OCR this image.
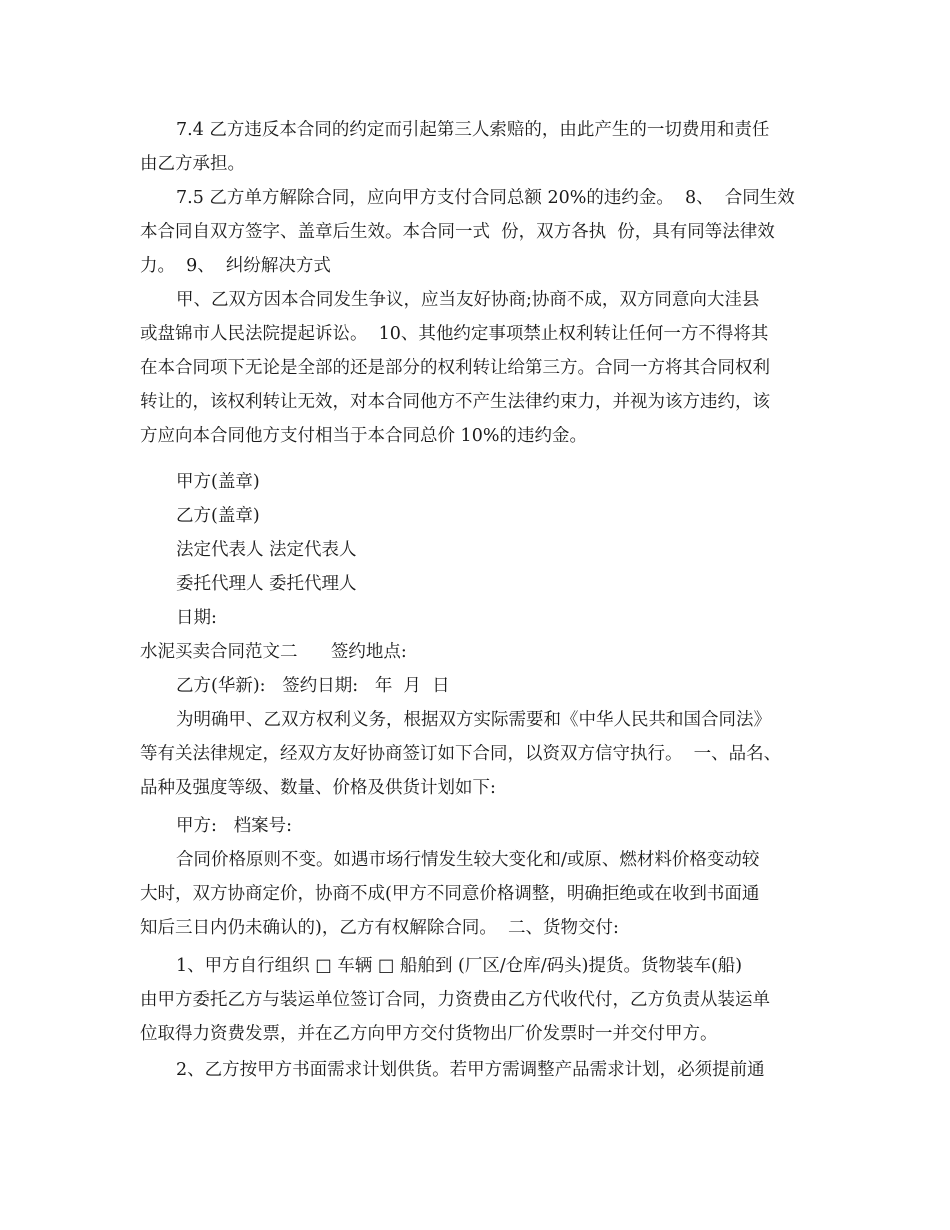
7.4 乙方违反本合同的约定而引起第三人索赔的，由此产生的一切费用和责任
由乙方承担。
7.5 乙方单方解除合同，应向甲方支付合同总额 20%的违约金。  8、  合同生效
本合同自双方签字、盖章后生效。本合同一式  份，双方各执  份，具有同等法律效
力。  9、  纠纷解决方式
甲、乙双方因本合同发生争议，应当友好协商;协商不成，双方同意向大洼县
或盘锦市人民法院提起诉讼。  10、其他约定事项禁止权利转让任何一方不得将其
在本合同项下无论是全部的还是部分的权利转让给第三方。合同一方将其合同权利
转让的，该权利转让无效，对本合同他方不产生法律约束力，并视为该方违约，该
方应向本合同他方支付相当于本合同总价 10%的违约金。
甲方(盖章)
乙方(盖章)
法定代表人 法定代表人
委托代理人 委托代理人
日期:
水泥买卖合同范文二      签约地点:
乙方(华新):   签约日期:   年  月  日
为明确甲、乙双方权利义务，根据双方实际需要和《中华人民共和国合同法》
等有关法律规定，经双方友好协商签订如下合同，以资双方信守执行。  一、品名、
品种及强度等级、数量、价格及供货计划如下:
甲方:   档案号:
合同价格原则不变。如遇市场行情发生较大变化和/或原、燃材料价格变动较
大时，双方协商定价，协商不成(甲方不同意价格调整，明确拒绝或在收到书面通
知后三日内仍未确认的)，乙方有权解除合同。  二、货物交付:
1、甲方自行组织 □ 车辆 □ 船舶到 (厂区/仓库/码头)提货。货物装车(船)
由甲方委托乙方与装运单位签订合同，力资费由乙方代收代付，乙方负责从装运单
位取得力资费发票，并在乙方向甲方交付货物出厂价发票时一并交付甲方。
2、乙方按甲方书面需求计划供货。若甲方需调整产品需求计划，必须提前通
